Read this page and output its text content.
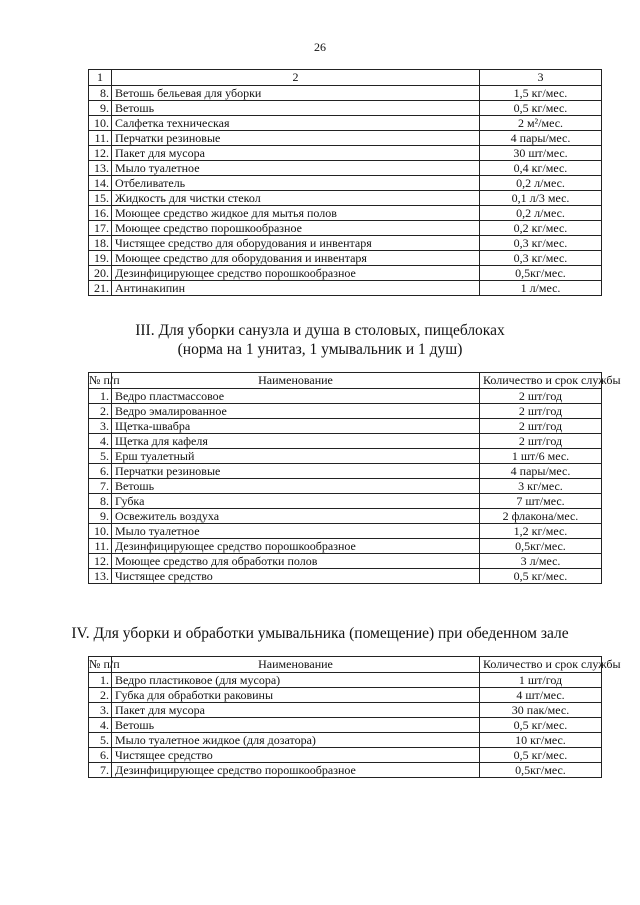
26
1	2	3
8.	Ветошь бельевая для уборки	1,5 кг/мес.
9.	Ветошь	0,5 кг/мес.
10.	Салфетка техническая	2 м²/мес.
11.	Перчатки резиновые	4 пары/мес.
12.	Пакет для мусора	30 шт/мес.
13.	Мыло туалетное	0,4 кг/мес.
14.	Отбеливатель	0,2 л/мес.
15.	Жидкость для чистки стекол	0,1 л/3 мес.
16.	Моющее средство жидкое для мытья полов	0,2 л/мес.
17.	Моющее средство порошкообразное	0,2 кг/мес.
18.	Чистящее средство для оборудования и инвентаря	0,3 кг/мес.
19.	Моющее средство для оборудования и инвентаря	0,3 кг/мес.
20.	Дезинфицирующее средство порошкообразное	0,5кг/мес.
21.	Антинакипин	1 л/мес.
III. Для уборки санузла и душа в столовых, пищеблоках
(норма на 1 унитаз, 1 умывальник и 1 душ)
№ п/п	Наименование	Количество и срок службы
1.	Ведро пластмассовое	2 шт/год
2.	Ведро эмалированное	2 шт/год
3.	Щетка-швабра	2 шт/год
4.	Щетка для кафеля	2 шт/год
5.	Ерш туалетный	1 шт/6 мес.
6.	Перчатки резиновые	4 пары/мес.
7.	Ветошь	3 кг/мес.
8.	Губка	7 шт/мес.
9.	Освежитель воздуха	2 флакона/мес.
10.	Мыло туалетное	1,2 кг/мес.
11.	Дезинфицирующее средство порошкообразное	0,5кг/мес.
12.	Моющее средство для обработки полов	3 л/мес.
13.	Чистящее средство	0,5 кг/мес.
IV. Для уборки и обработки умывальника (помещение) при обеденном зале
№ п/п	Наименование	Количество и срок службы
1.	Ведро пластиковое (для мусора)	1 шт/год
2.	Губка для обработки раковины	4 шт/мес.
3.	Пакет для мусора	30 пак/мес.
4.	Ветошь	0,5 кг/мес.
5.	Мыло туалетное жидкое (для дозатора)	10 кг/мес.
6.	Чистящее средство	0,5 кг/мес.
7.	Дезинфицирующее средство порошкообразное	0,5кг/мес.
